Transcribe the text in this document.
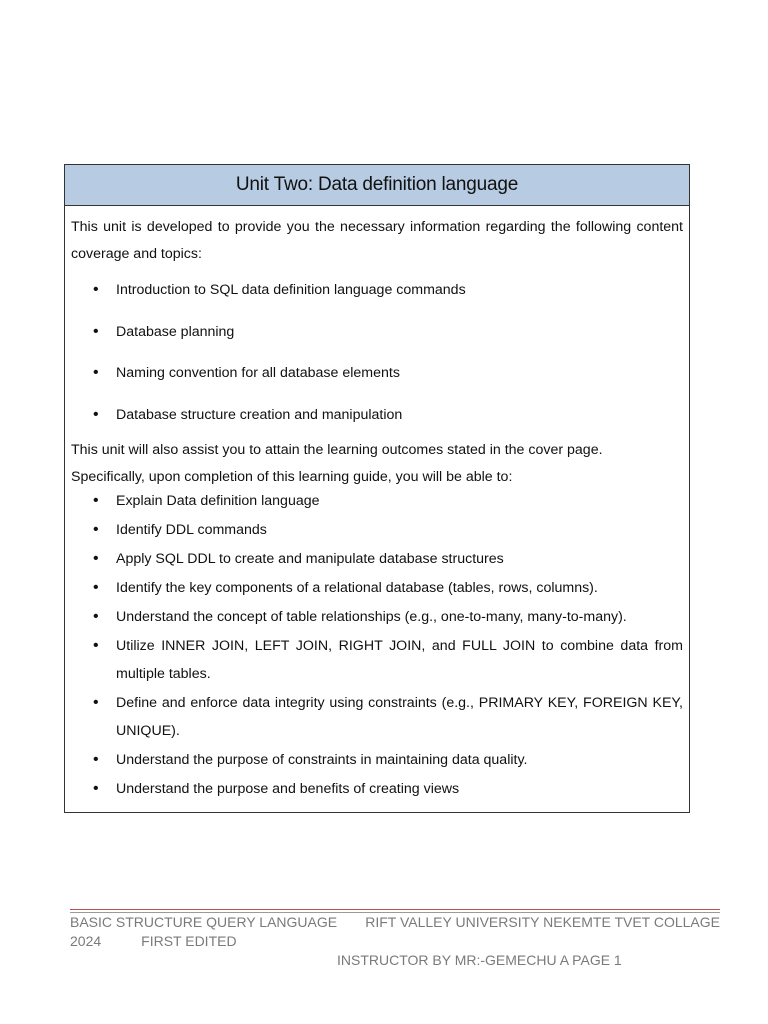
Unit Two: Data definition language

This unit is developed to provide you the necessary information regarding the following content coverage and topics:

• Introduction to SQL data definition language commands
• Database planning
• Naming convention for all database elements
• Database structure creation and manipulation

This unit will also assist you to attain the learning outcomes stated in the cover page.

Specifically, upon completion of this learning guide, you will be able to:

• Explain Data definition language
• Identify DDL commands
• Apply SQL DDL to create and manipulate database structures
• Identify the key components of a relational database (tables, rows, columns).
• Understand the concept of table relationships (e.g., one-to-many, many-to-many).
• Utilize INNER JOIN, LEFT JOIN, RIGHT JOIN, and FULL JOIN to combine data from multiple tables.
• Define and enforce data integrity using constraints (e.g., PRIMARY KEY, FOREIGN KEY, UNIQUE).
• Understand the purpose of constraints in maintaining data quality.
• Understand the purpose and benefits of creating views
BASIC STRUCTURE QUERY LANGUAGE RIFT VALLEY UNIVERSITY NEKEMTE TVET COLLAGE
2024	FIRST EDITED
INSTRUCTOR BY MR:-GEMECHU A PAGE 1
